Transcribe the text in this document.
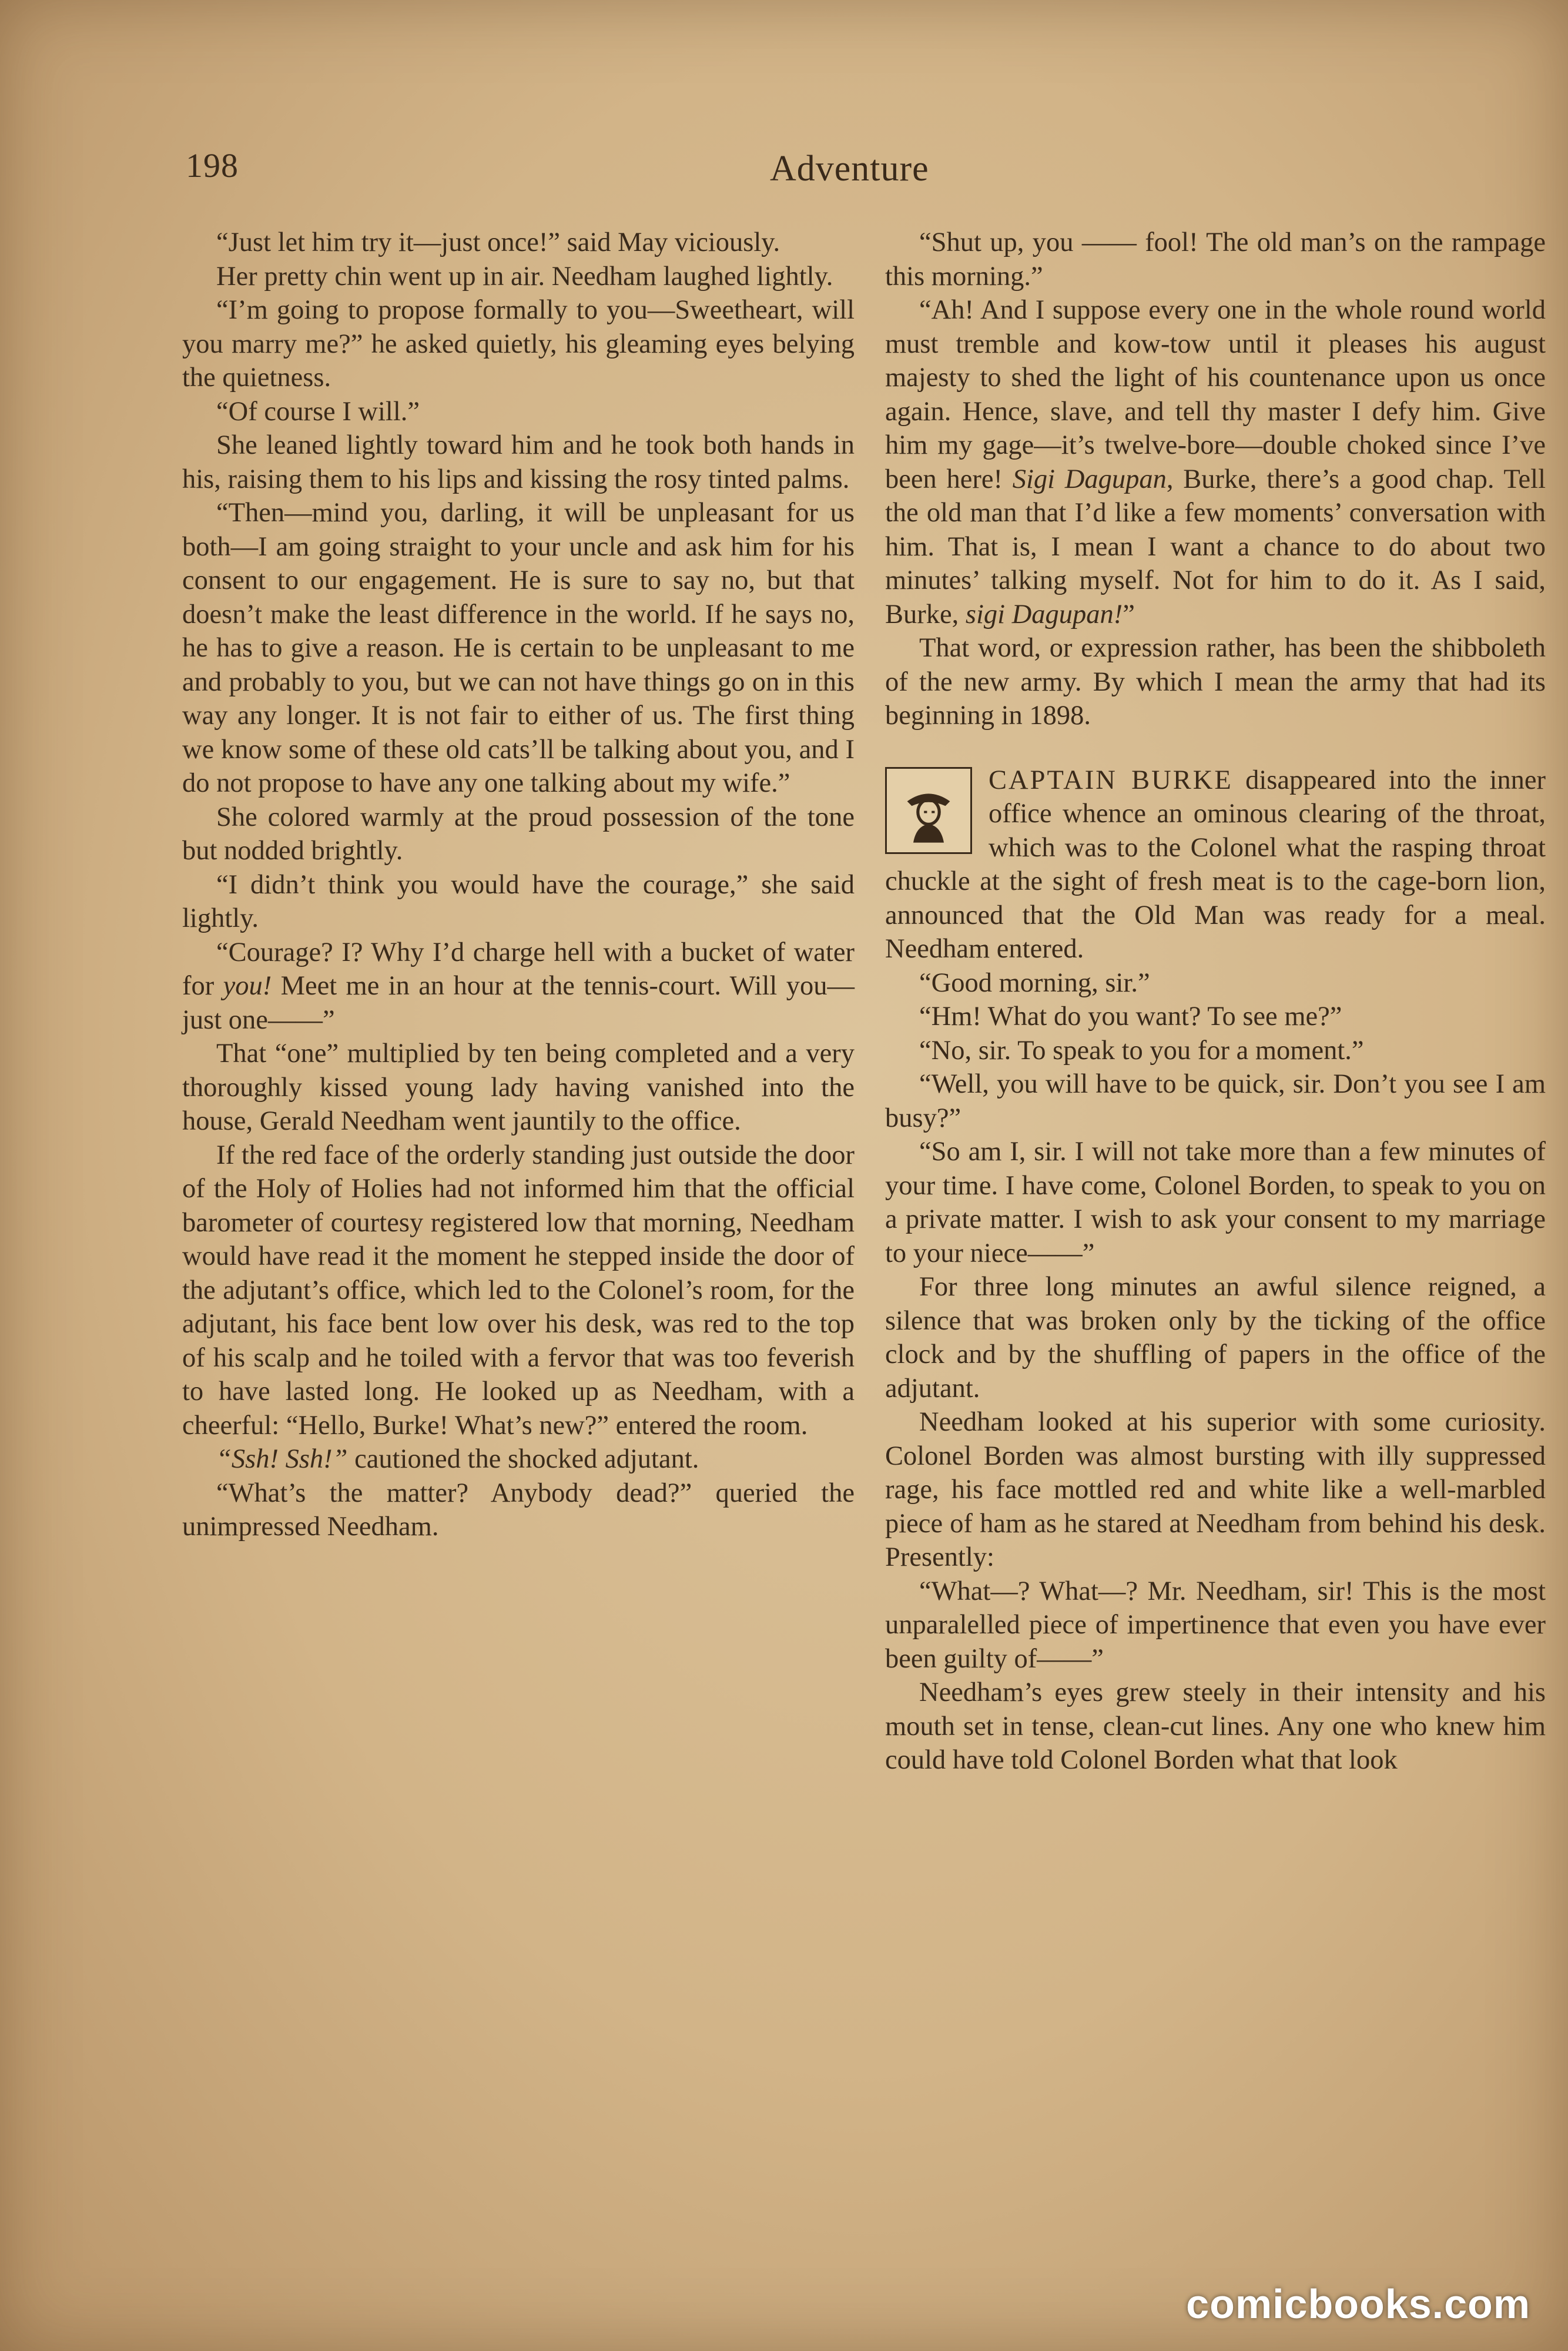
198	Adventure

“Just let him try it—just once!” said May viciously.

Her pretty chin went up in air. Needham laughed lightly.

“I’m going to propose formally to you—Sweetheart, will you marry me?” he asked quietly, his gleaming eyes belying the quietness.

“Of course I will.”

She leaned lightly toward him and he took both hands in his, raising them to his lips and kissing the rosy tinted palms.

“Then—mind you, darling, it will be unpleasant for us both—I am going straight to your uncle and ask him for his consent to our engagement. He is sure to say no, but that doesn’t make the least difference in the world. If he says no, he has to give a reason. He is certain to be unpleasant to me and probably to you, but we can not have things go on in this way any longer. It is not fair to either of us. The first thing we know some of these old cats’ll be talking about you, and I do not propose to have any one talking about my wife.”

She colored warmly at the proud possession of the tone but nodded brightly.

“I didn’t think you would have the courage,” she said lightly.

“Courage? I? Why I’d charge hell with a bucket of water for you! Meet me in an hour at the tennis-court. Will you—just one——”

That “one” multiplied by ten being completed and a very thoroughly kissed young lady having vanished into the house, Gerald Needham went jauntily to the office.

If the red face of the orderly standing just outside the door of the Holy of Holies had not informed him that the official barometer of courtesy registered low that morning, Needham would have read it the moment he stepped inside the door of the adjutant’s office, which led to the Colonel’s room, for the adjutant, his face bent low over his desk, was red to the top of his scalp and he toiled with a fervor that was too feverish to have lasted long. He looked up as Needham, with a cheerful: “Hello, Burke! What’s new?” entered the room.

“Ssh! Ssh!” cautioned the shocked adjutant.

“What’s the matter? Anybody dead?” queried the unimpressed Needham.

“Shut up, you —— fool! The old man’s on the rampage this morning.”

“Ah! And I suppose every one in the whole round world must tremble and kow-tow until it pleases his august majesty to shed the light of his countenance upon us once again. Hence, slave, and tell thy master I defy him. Give him my gage—it’s twelve-bore—double choked since I’ve been here! Sigi Dagupan, Burke, there’s a good chap. Tell the old man that I’d like a few moments’ conversation with him. That is, I mean I want a chance to do about two minutes’ talking myself. Not for him to do it. As I said, Burke, sigi Dagupan!”

That word, or expression rather, has been the shibboleth of the new army. By which I mean the army that had its beginning in 1898.

CAPTAIN BURKE disappeared into the inner office whence an ominous clearing of the throat, which was to the Colonel what the rasping throat chuckle at the sight of fresh meat is to the cage-born lion, announced that the Old Man was ready for a meal. Needham entered.

“Good morning, sir.”

“Hm! What do you want? To see me?”

“No, sir. To speak to you for a moment.”

“Well, you will have to be quick, sir. Don’t you see I am busy?”

“So am I, sir. I will not take more than a few minutes of your time. I have come, Colonel Borden, to speak to you on a private matter. I wish to ask your consent to my marriage to your niece——”

For three long minutes an awful silence reigned, a silence that was broken only by the ticking of the office clock and by the shuffling of papers in the office of the adjutant.

Needham looked at his superior with some curiosity. Colonel Borden was almost bursting with illy suppressed rage, his face mottled red and white like a well-marbled piece of ham as he stared at Needham from behind his desk. Presently:

“What—? What—? Mr. Needham, sir! This is the most unparalelled piece of impertinence that even you have ever been guilty of——”

Needham’s eyes grew steely in their intensity and his mouth set in tense, clean-cut lines. Any one who knew him could have told Colonel Borden what that look

comicbooks.com
